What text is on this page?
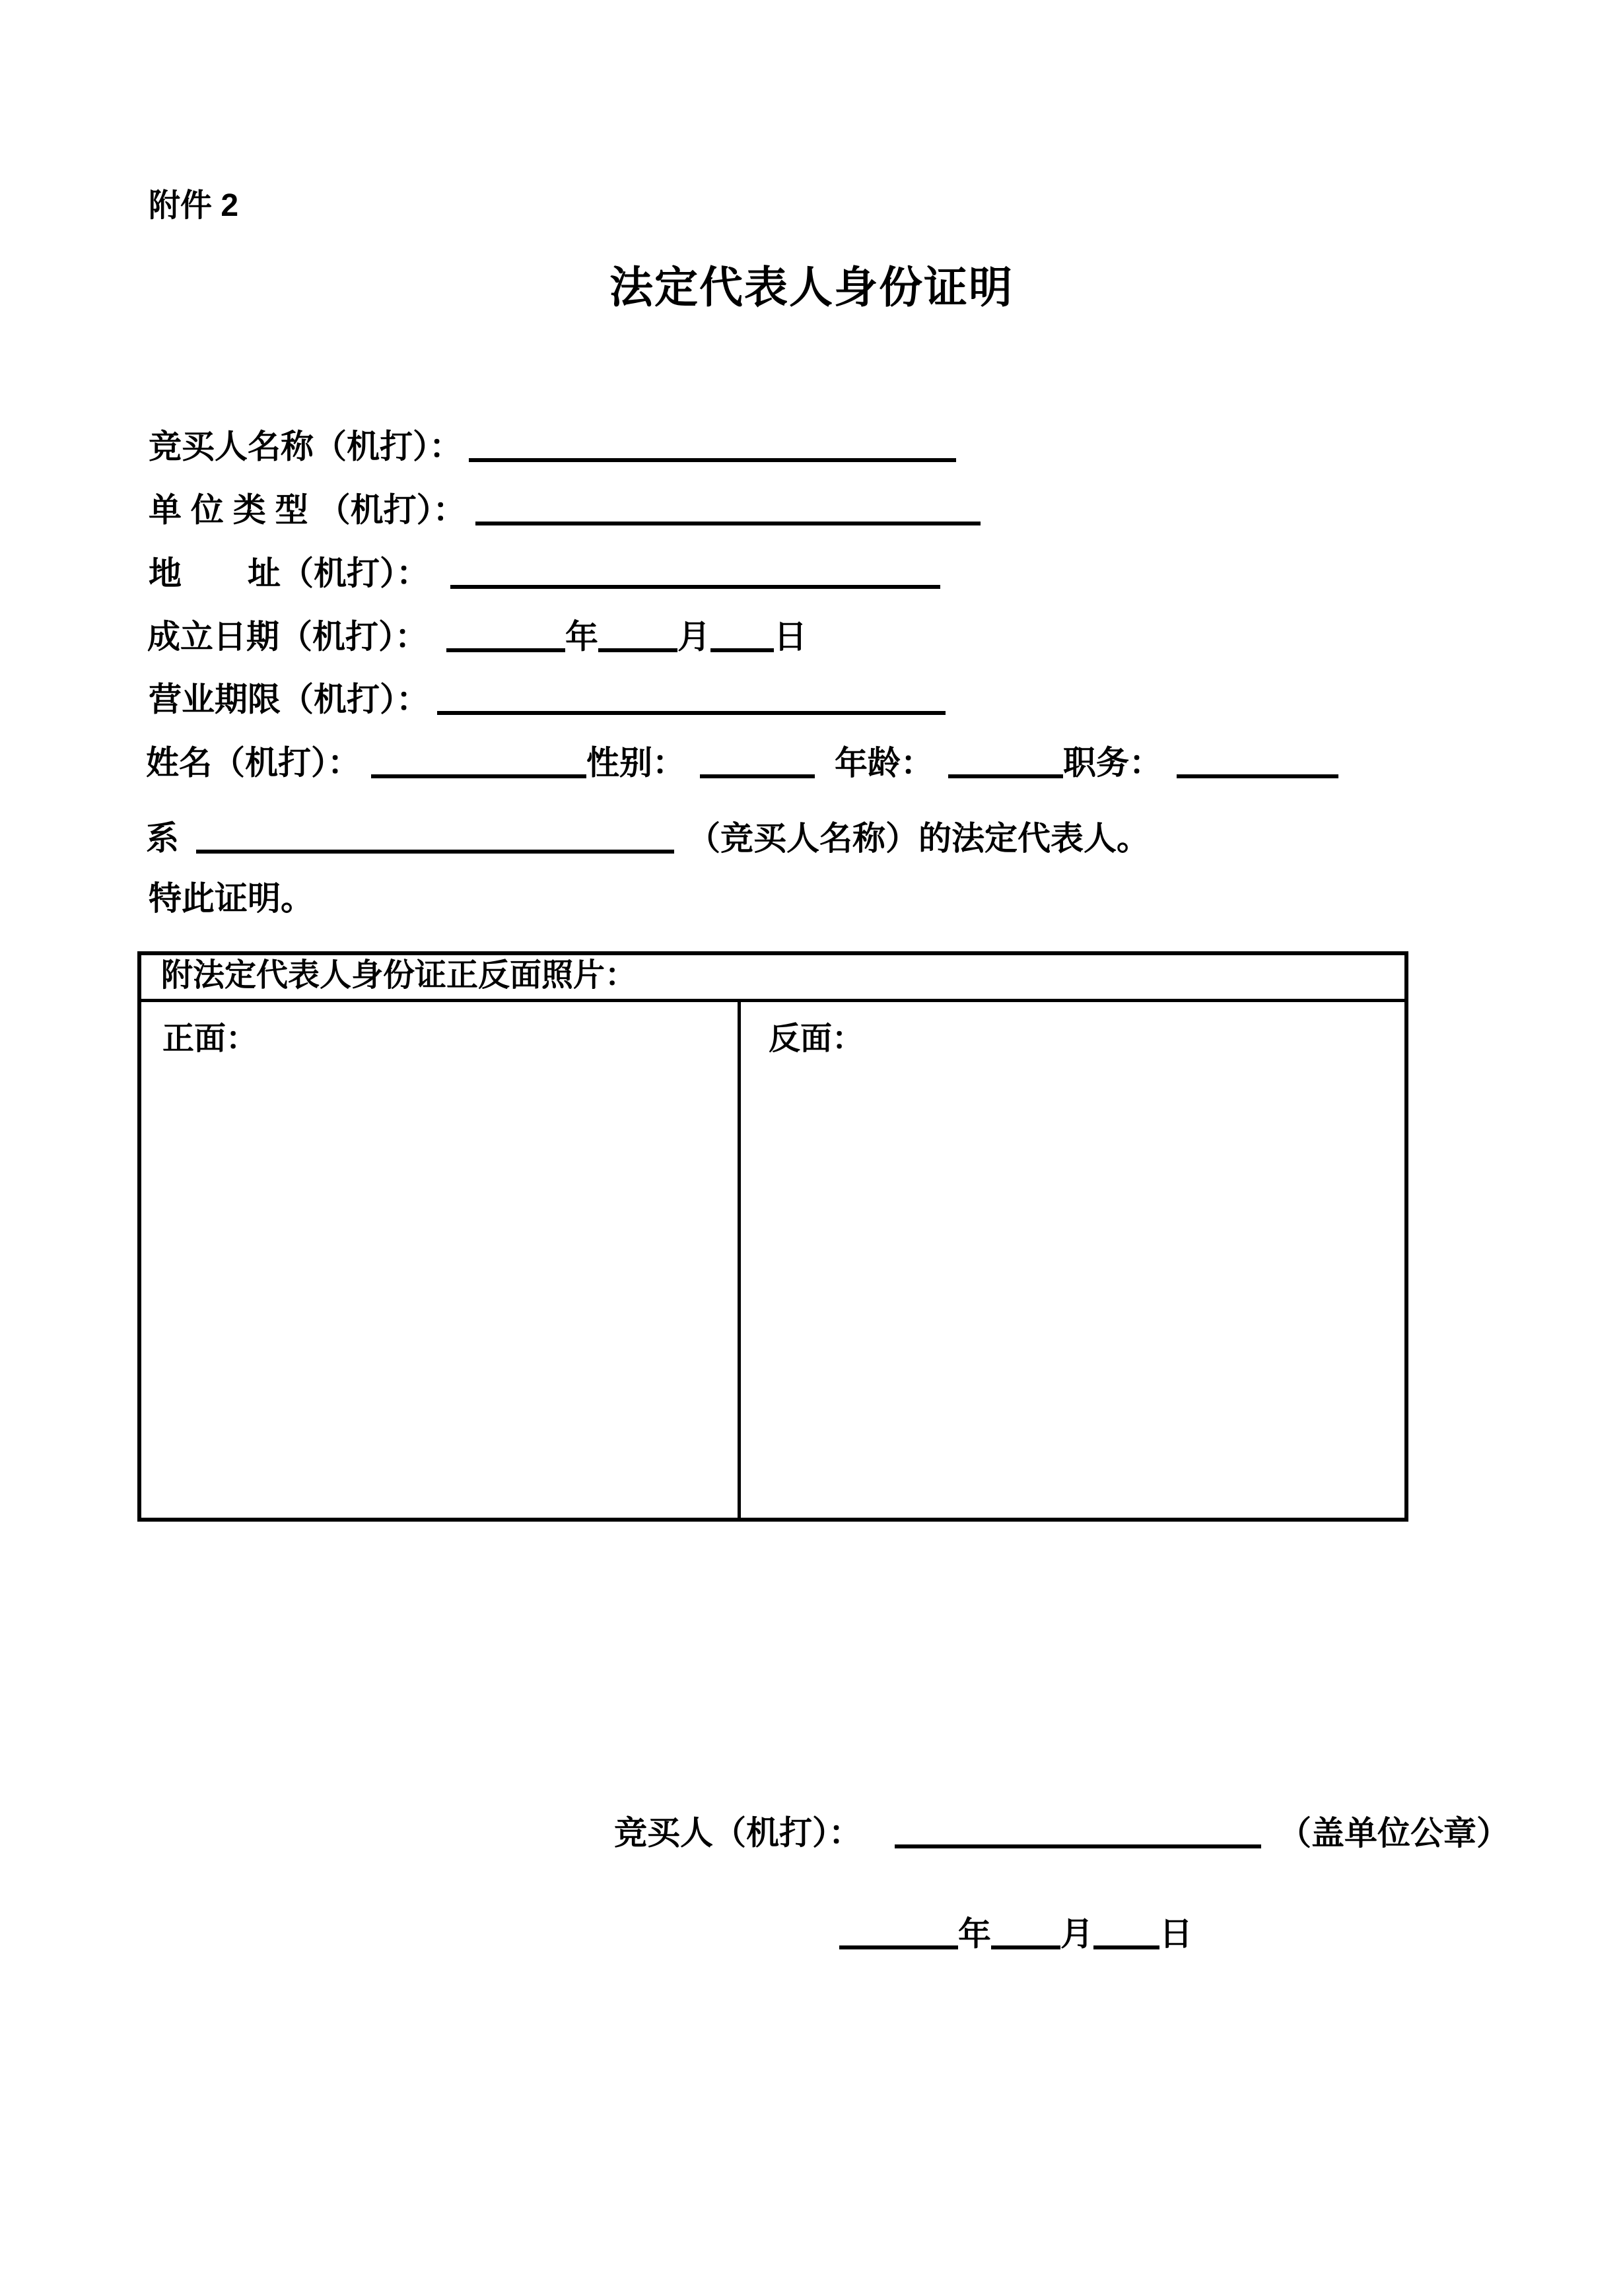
附件 2
法定代表人身份证明
竞买人名称（机打）：
单 位 类 型 （机打）：
地　　址（机打）：
成立日期（机打）：	年 月 日
营业期限（机打）：
姓名（机打）：	性别：	年龄：	职务：
系	（竞买人名称）的法定代表人。
特此证明。
附法定代表人身份证正反面照片：
正面：	反面：
竞买人（机打）：	（盖单位公章）
年 月 日
